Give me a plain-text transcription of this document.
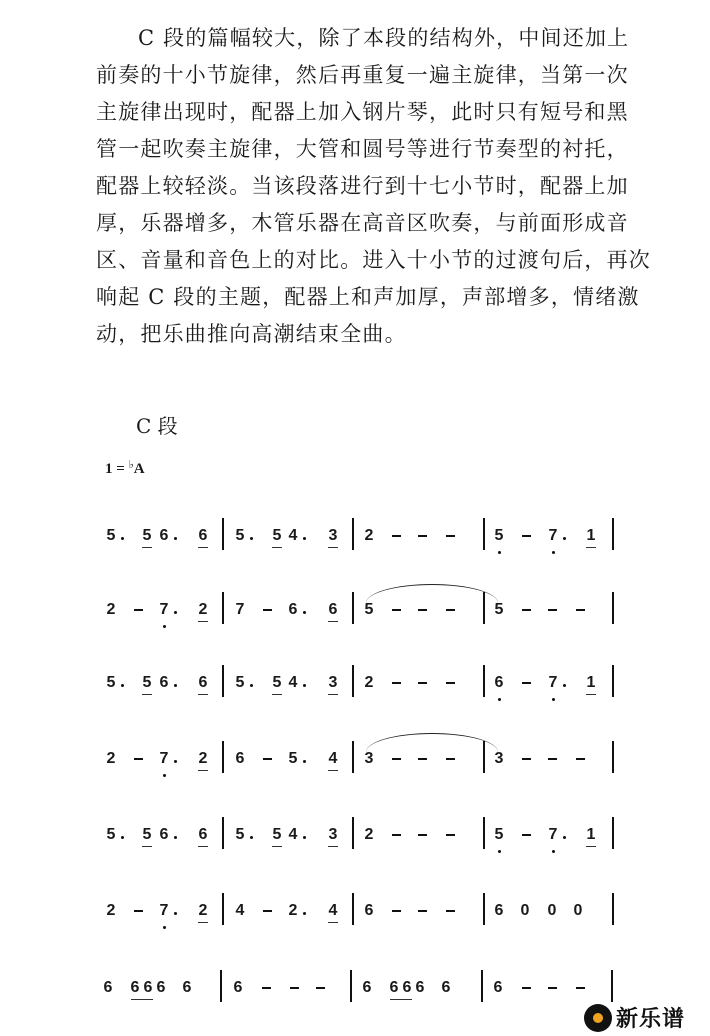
C 段的篇幅较大，除了本段的结构外，中间还加上
前奏的十小节旋律，然后再重复一遍主旋律，当第一次
主旋律出现时，配器上加入钢片琴，此时只有短号和黑
管一起吹奏主旋律，大管和圆号等进行节奏型的衬托，
配器上较轻淡。当该段落进行到十七小节时，配器上加
厚，乐器增多，木管乐器在高音区吹奏，与前面形成音
区、音量和音色上的对比。进入十小节的过渡句后，再次
响起 C 段的主题，配器上和声加厚，声部增多，情绪激
动，把乐曲推向高潮结束全曲。
C 段
1 = ♭A
5 5 6 6 5 5 4 3 2	5	7 1
2	7 2 7	6 6 5	5
5 5 6 6 5 5 4 3 2	6	7 1
2	7 2 6	5 4 3	3
5 5 6 6 5 5 4 3 2	5	7 1
2	7 2 4	2 4 6	6 0 0 0
6 6 6 6 6	6	6 6 6 6 6	6
新乐谱
